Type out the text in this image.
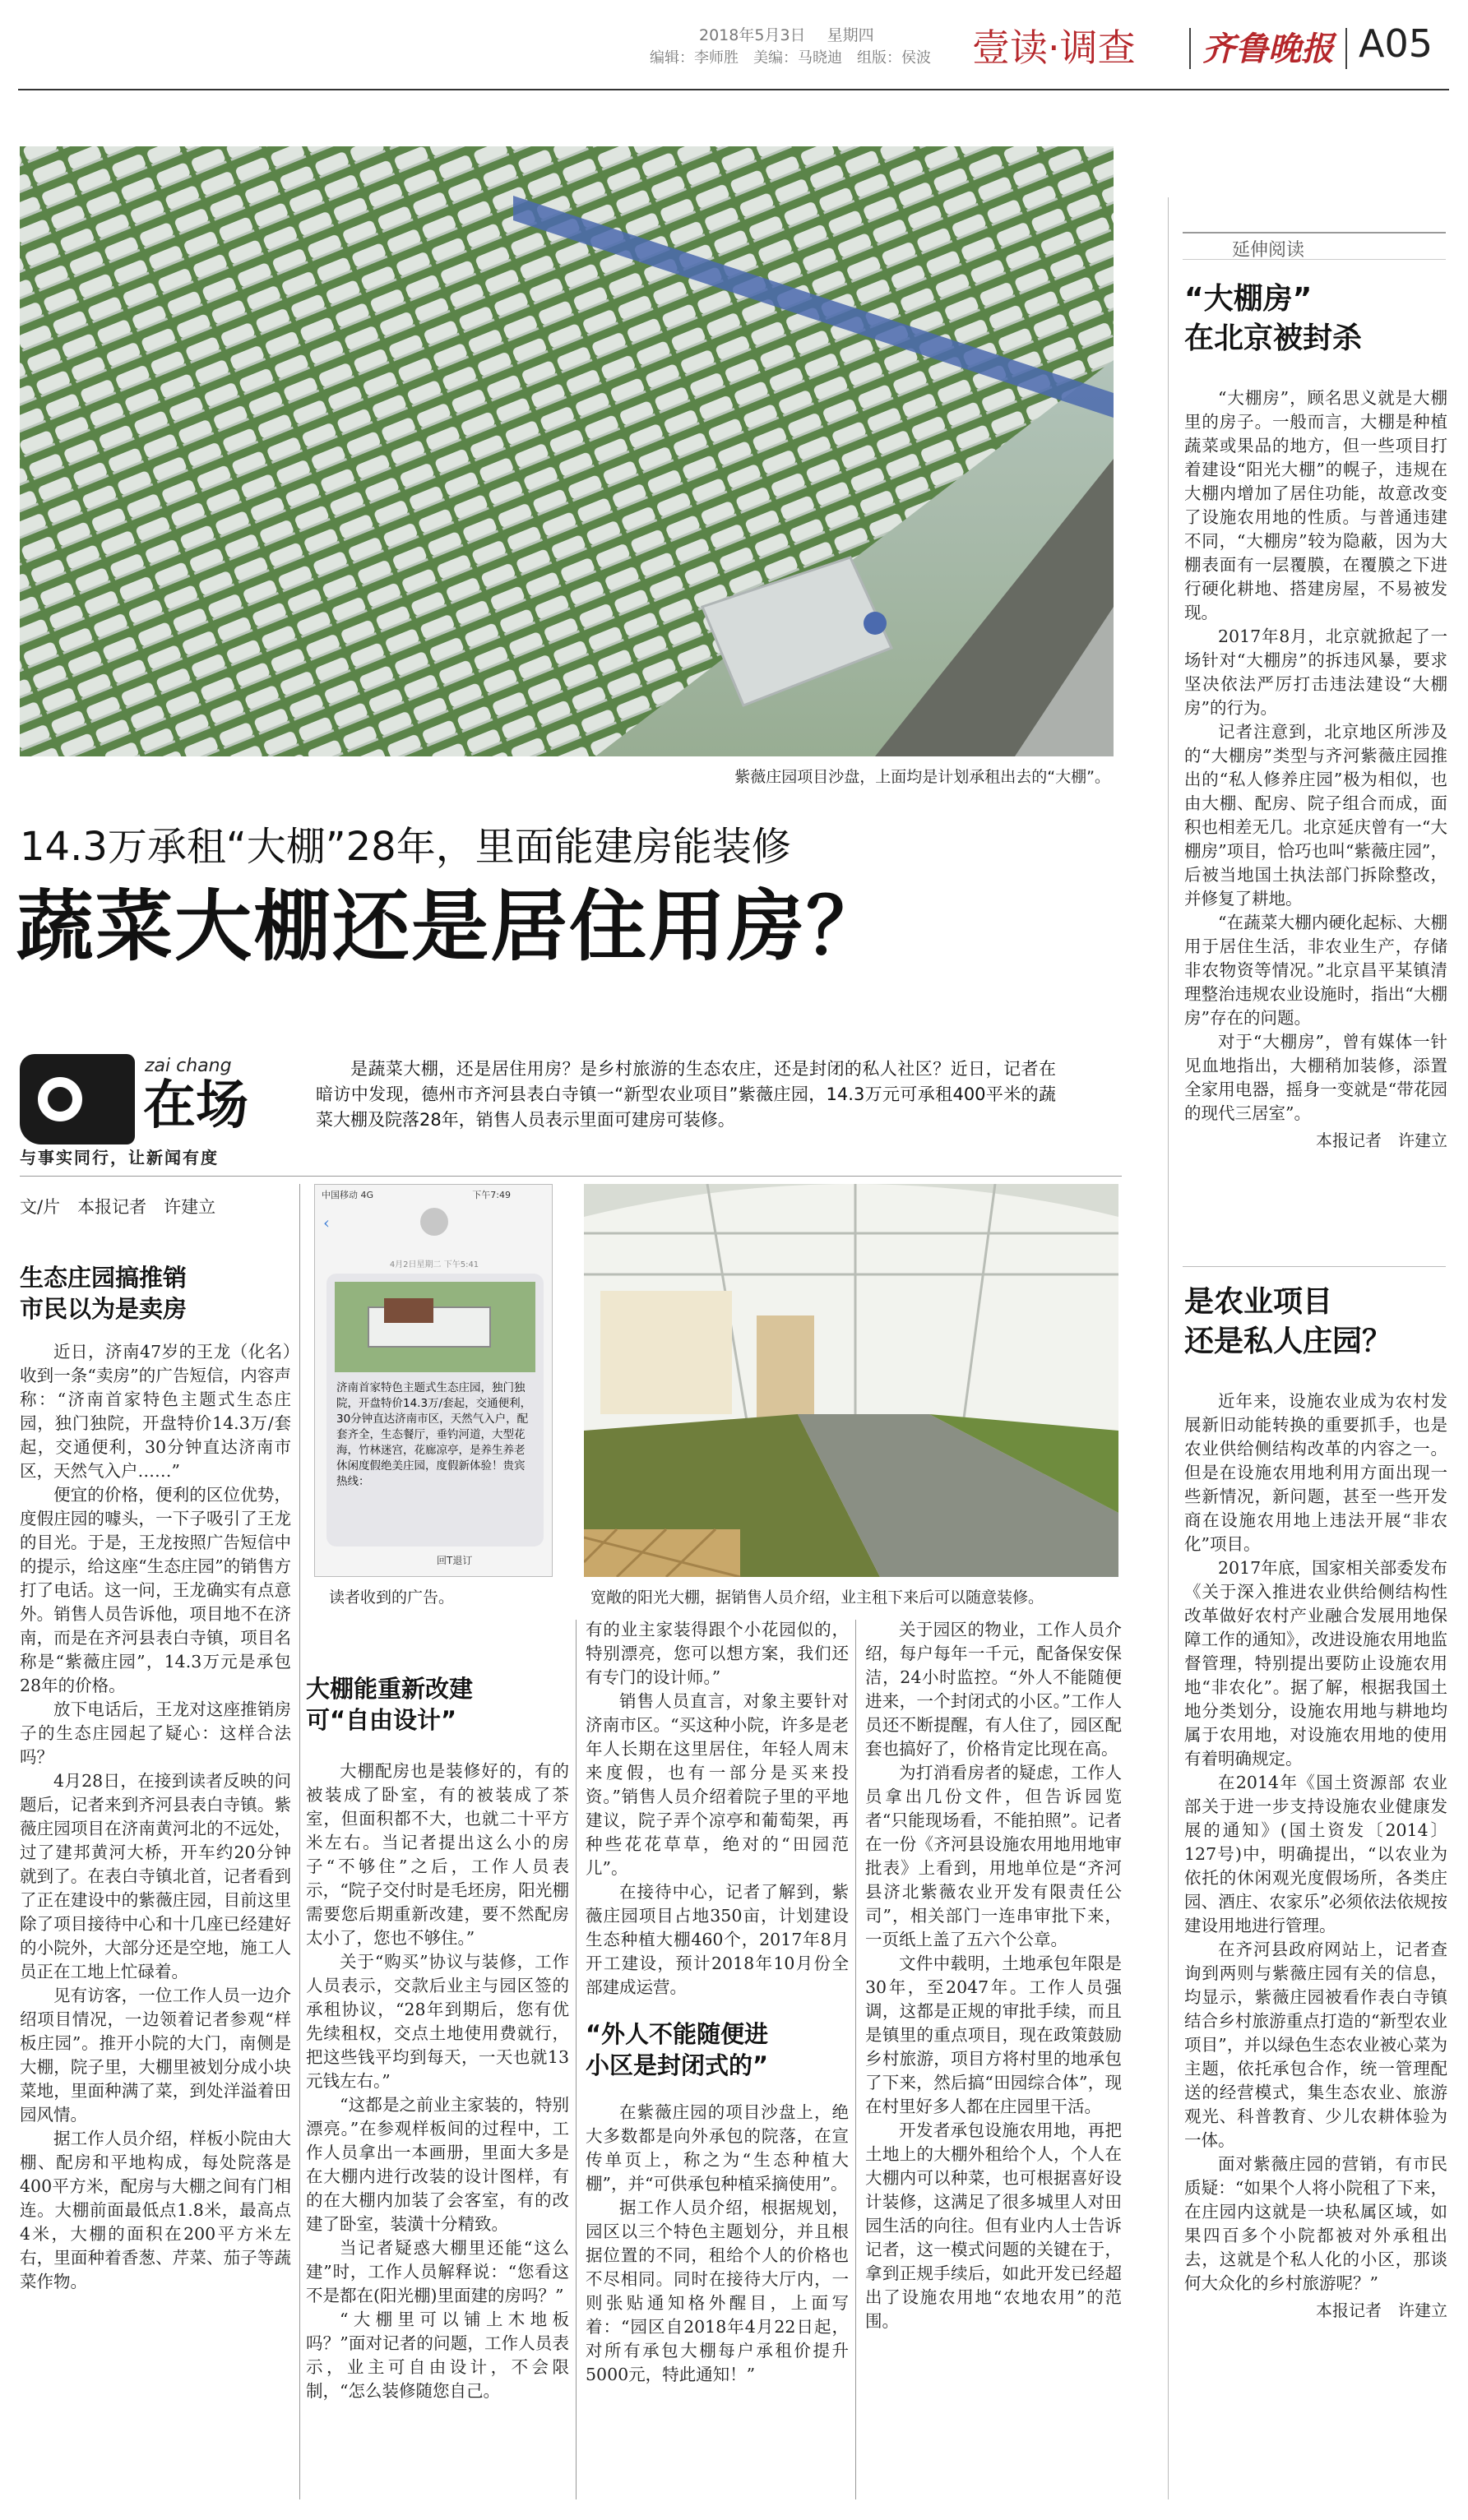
2018年5月3日 星期四
编辑：李师胜　美编：马晓迪　组版：侯波	壹读·调查 齐鲁晚报 A05
紫薇庄园项目沙盘，上面均是计划承租出去的“大棚”。
14.3万承租“大棚”28年，里面能建房能装修
蔬菜大棚还是居住用房？
zai chang
在场
与事实同行，让新闻有度
是蔬菜大棚，还是居住用房？是乡村旅游的生态农庄，还是封闭的私人社区？近日，记者在暗访中发现，德州市齐河县表白寺镇一“新型农业项目”紫薇庄园，14.3万元可承租400平米的蔬菜大棚及院落28年，销售人员表示里面可建房可装修。
文/片　本报记者　许建立
生态庄园搞推销
市民以为是卖房

近日，济南47岁的王龙（化名）收到一条“卖房”的广告短信，内容声称：“济南首家特色主题式生态庄园，独门独院，开盘特价14.3万/套起，交通便利，30分钟直达济南市区，天然气入户……”

便宜的价格，便利的区位优势，度假庄园的噱头，一下子吸引了王龙的目光。于是，王龙按照广告短信中的提示，给这座“生态庄园”的销售方打了电话。这一问，王龙确实有点意外。销售人员告诉他，项目地不在济南，而是在齐河县表白寺镇，项目名称是“紫薇庄园”，14.3万元是承包28年的价格。

放下电话后，王龙对这座推销房子的生态庄园起了疑心：这样合法吗？

4月28日，在接到读者反映的问题后，记者来到齐河县表白寺镇。紫薇庄园项目在济南黄河北的不远处，过了建邦黄河大桥，开车约20分钟就到了。在表白寺镇北首，记者看到了正在建设中的紫薇庄园，目前这里除了项目接待中心和十几座已经建好的小院外，大部分还是空地，施工人员正在工地上忙碌着。

见有访客，一位工作人员一边介绍项目情况，一边领着记者参观“样板庄园”。推开小院的大门，南侧是大棚，院子里，大棚里被划分成小块菜地，里面种满了菜，到处洋溢着田园风情。

据工作人员介绍，样板小院由大棚、配房和平地构成，每处院落是400平方米，配房与大棚之间有门相连。大棚前面最低点1.8米，最高点4米，大棚的面积在200平方米左右，里面种着香葱、芹菜、茄子等蔬菜作物。

中国移动 4G	下午7:49
‹
4月2日星期二 下午5:41
济南首家特色主题式生态庄园，独门独院，开盘特价14.3万/套起，交通便利，30分钟直达济南市区，天然气入户，配套齐全，生态餐厅，垂钓河道，大型花海，竹林迷宫，花廊凉亭，是养生养老休闲度假绝美庄园，度假新体验！贵宾热线：
回T退订
读者收到的广告。	宽敞的阳光大棚，据销售人员介绍，业主租下来后可以随意装修。
大棚能重新改建
可“自由设计”

大棚配房也是装修好的，有的被装成了卧室，有的被装成了茶室，但面积都不大，也就二十平方米左右。当记者提出这么小的房子“不够住”之后，工作人员表示，“院子交付时是毛坯房，阳光棚需要您后期重新改建，要不然配房太小了，您也不够住。”

关于“购买”协议与装修，工作人员表示，交款后业主与园区签的承租协议，“28年到期后，您有优先续租权，交点土地使用费就行，把这些钱平均到每天，一天也就13元钱左右。”

“这都是之前业主家装的，特别漂亮。”在参观样板间的过程中，工作人员拿出一本画册，里面大多是在大棚内进行改装的设计图样，有的在大棚内加装了会客室，有的改建了卧室，装潢十分精致。

当记者疑惑大棚里还能“这么建”时，工作人员解释说：“您看这不是都在(阳光棚)里面建的房吗？”

“大棚里可以铺上木地板吗？”面对记者的问题，工作人员表示，业主可自由设计，不会限制，“怎么装修随您自己。

有的业主家装得跟个小花园似的，特别漂亮，您可以想方案，我们还有专门的设计师。”

销售人员直言，对象主要针对济南市区。“买这种小院，许多是老年人长期在这里居住，年轻人周末来度假，也有一部分是买来投资。”销售人员介绍着院子里的平地建议，院子弄个凉亭和葡萄架，再种些花花草草，绝对的“田园范儿”。

在接待中心，记者了解到，紫薇庄园项目占地350亩，计划建设生态种植大棚460个，2017年8月开工建设，预计2018年10月份全部建成运营。

“外人不能随便进
小区是封闭式的”

在紫薇庄园的项目沙盘上，绝大多数都是向外承包的院落，在宣传单页上，称之为“生态种植大棚”，并“可供承包种植采摘使用”。

据工作人员介绍，根据规划，园区以三个特色主题划分，并且根据位置的不同，租给个人的价格也不尽相同。同时在接待大厅内，一则张贴通知格外醒目，上面写着：“园区自2018年4月22日起，对所有承包大棚每户承租价提升5000元，特此通知！”

关于园区的物业，工作人员介绍，每户每年一千元，配备保安保洁，24小时监控。“外人不能随便进来，一个封闭式的小区。”工作人员还不断提醒，有人住了，园区配套也搞好了，价格肯定比现在高。

为打消看房者的疑虑，工作人员拿出几份文件，但告诉园览者“只能现场看，不能拍照”。记者在一份《齐河县设施农用地用地审批表》上看到，用地单位是“齐河县济北紫薇农业开发有限责任公司”，相关部门一连串审批下来，一页纸上盖了五六个公章。

文件中载明，土地承包年限是30年，至2047年。工作人员强调，这都是正规的审批手续，而且是镇里的重点项目，现在政策鼓励乡村旅游，项目方将村里的地承包了下来，然后搞“田园综合体”，现在村里好多人都在庄园里干活。

开发者承包设施农用地，再把土地上的大棚外租给个人，个人在大棚内可以种菜，也可根据喜好设计装修，这满足了很多城里人对田园生活的向往。但有业内人士告诉记者，这一模式问题的关键在于，拿到正规手续后，如此开发已经超出了设施农用地“农地农用”的范围。

延伸阅读
“大棚房”
在北京被封杀

“大棚房”，顾名思义就是大棚里的房子。一般而言，大棚是种植蔬菜或果品的地方，但一些项目打着建设“阳光大棚”的幌子，违规在大棚内增加了居住功能，故意改变了设施农用地的性质。与普通违建不同，“大棚房”较为隐蔽，因为大棚表面有一层覆膜，在覆膜之下进行硬化耕地、搭建房屋，不易被发现。

2017年8月，北京就掀起了一场针对“大棚房”的拆违风暴，要求坚决依法严厉打击违法建设“大棚房”的行为。

记者注意到，北京地区所涉及的“大棚房”类型与齐河紫薇庄园推出的“私人修养庄园”极为相似，也由大棚、配房、院子组合而成，面积也相差无几。北京延庆曾有一“大棚房”项目，恰巧也叫“紫薇庄园”，后被当地国土执法部门拆除整改，并修复了耕地。

“在蔬菜大棚内硬化起标、大棚用于居住生活，非农业生产，存储非农物资等情况。”北京昌平某镇清理整治违规农业设施时，指出“大棚房”存在的问题。

对于“大棚房”，曾有媒体一针见血地指出，大棚稍加装修，添置全家用电器，摇身一变就是“带花园的现代三居室”。

本报记者　许建立

是农业项目
还是私人庄园？

近年来，设施农业成为农村发展新旧动能转换的重要抓手，也是农业供给侧结构改革的内容之一。但是在设施农用地利用方面出现一些新情况，新问题，甚至一些开发商在设施农用地上违法开展“非农化”项目。

2017年底，国家相关部委发布《关于深入推进农业供给侧结构性改革做好农村产业融合发展用地保障工作的通知》，改进设施农用地监督管理，特别提出要防止设施农用地“非农化”。据了解，根据我国土地分类划分，设施农用地与耕地均属于农用地，对设施农用地的使用有着明确规定。

在2014年《国土资源部 农业部关于进一步支持设施农业健康发展的通知》(国土资发〔2014〕127号)中，明确提出，“以农业为依托的休闲观光度假场所，各类庄园、酒庄、农家乐”必须依法依规按建设用地进行管理。

在齐河县政府网站上，记者查询到两则与紫薇庄园有关的信息，均显示，紫薇庄园被看作表白寺镇结合乡村旅游重点打造的“新型农业项目”，并以绿色生态农业被心菜为主题，依托承包合作，统一管理配送的经营模式，集生态农业、旅游观光、科普教育、少儿农耕体验为一体。

面对紫薇庄园的营销，有市民质疑：“如果个人将小院租了下来，在庄园内这就是一块私属区域，如果四百多个小院都被对外承租出去，这就是个私人化的小区，那谈何大众化的乡村旅游呢？”

本报记者　许建立
